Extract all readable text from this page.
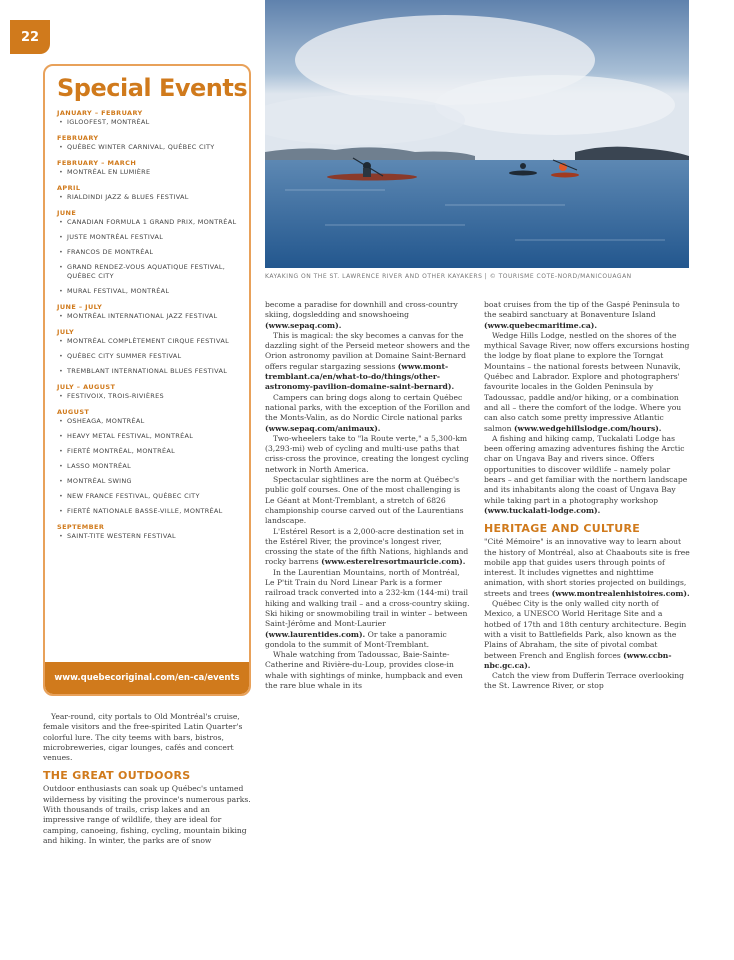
22
KAYAKING ON THE ST. LAWRENCE RIVER AND OTHER KAYAKERS | © TOURISME CÔTE-NORD/MANICOUAGAN
Special Events
JANUARY – FEBRUARY
• IGLOOFEST, MONTRÉAL
FEBRUARY
• QUÉBEC WINTER CARNIVAL, QUÉBEC CITY
FEBRUARY – MARCH
• MONTRÉAL EN LUMIÈRE
APRIL
• RIALDINDI JAZZ & BLUES FESTIVAL
JUNE
• CANADIAN FORMULA 1 GRAND PRIX, MONTRÉAL
• JUSTE MONTRÉAL FESTIVAL
• FRANCOS DE MONTRÉAL
• GRAND RENDEZ-VOUS AQUATIQUE FESTIVAL, QUÉBEC CITY
• MURAL FESTIVAL, MONTRÉAL
JUNE – JULY
• MONTRÉAL INTERNATIONAL JAZZ FESTIVAL
JULY
• MONTRÉAL COMPLÈTEMENT CIRQUE FESTIVAL
• QUÉBEC CITY SUMMER FESTIVAL
• TREMBLANT INTERNATIONAL BLUES FESTIVAL
JULY – AUGUST
• FESTIVOIX, TROIS-RIVIÈRES
AUGUST
• OSHEAGA, MONTRÉAL
• HEAVY METAL FESTIVAL, MONTRÉAL
• FIERTÉ MONTRÉAL, MONTRÉAL
• LASSO MONTRÉAL
• MONTRÉAL SWING
• NEW FRANCE FESTIVAL, QUÉBEC CITY
• FIERTÉ NATIONALE BASSE-VILLE, MONTRÉAL
SEPTEMBER
• SAINT-TITE WESTERN FESTIVAL
www.quebecoriginal.com/en-ca/events

Year-round, city portals to Old Montréal's cruise, female visitors and the free-spirited Latin Quarter's colorful lure. The city teems with bars, bistros, microbreweries, cigar lounges, cafés and concert venues.

THE GREAT OUTDOORS

Outdoor enthusiasts can soak up Québec's untamed wilderness by visiting the province's numerous parks. With thousands of trails, crisp lakes and an impressive range of wildlife, they are ideal for camping, canoeing, fishing, cycling, mountain biking and hiking. In winter, the parks are of snow

become a paradise for downhill and cross-country skiing, dogsledding and snowshoeing (www.sepaq.com).

This is magical: the sky becomes a canvas for the dazzling sight of the Perseid meteor showers and the Orion astronomy pavilion at Domaine Saint-Bernard offers regular stargazing sessions (www.mont-tremblant.ca/en/what-to-do/things/other-astronomy-pavilion-domaine-saint-bernard).

Campers can bring dogs along to certain Québec national parks, with the exception of the Forillon and the Monts-Valin, as do Nordic Circle national parks (www.sepaq.com/animaux).

Two-wheelers take to "la Route verte," a 5,300-km (3,293-mi) web of cycling and multi-use paths that criss-cross the province, creating the longest cycling network in North America.

Spectacular sightlines are the norm at Québec's public golf courses. One of the most challenging is Le Géant at Mont-Tremblant, a stretch of 6826 championship course carved out of the Laurentians landscape.

L'Estérel Resort is a 2,000-acre destination set in the Estérel River, the province's longest river, crossing the state of the fifth Nations, highlands and rocky barrens (www.esterelresortmauricie.com).

In the Laurentian Mountains, north of Montréal, Le P'tit Train du Nord Linear Park is a former railroad track converted into a 232-km (144-mi) trail hiking and walking trail – and a cross-country skiing. Ski hiking or snowmobiling trail in winter – between Saint-Jérôme and Mont-Laurier (www.laurentides.com). Or take a panoramic gondola to the summit of Mont-Tremblant.

Whale watching from Tadoussac, Baie-Sainte-Catherine and Rivière-du-Loup, provides close-in whale with sightings of minke, humpback and even the rare blue whale in its

boat cruises from the tip of the Gaspé Peninsula to the seabird sanctuary at Bonaventure Island (www.quebecmaritime.ca).

Wedge Hills Lodge, nestled on the shores of the mythical Savage River, now offers excursions hosting the lodge by float plane to explore the Torngat Mountains – the national forests between Nunavik, Québec and Labrador. Explore and photographers' favourite locales in the Golden Peninsula by Tadoussac, paddle and/or hiking, or a combination and all – there the comfort of the lodge. Where you can also catch some pretty impressive Atlantic salmon (www.wedgehillslodge.com/hours).

A fishing and hiking camp, Tuckalati Lodge has been offering amazing adventures fishing the Arctic char on Ungava Bay and rivers since. Offers opportunities to discover wildlife – namely polar bears – and get familiar with the northern landscape and its inhabitants along the coast of Ungava Bay while taking part in a photography workshop (www.tuckalati-lodge.com).

HERITAGE AND CULTURE

"Cité Mémoire" is an innovative way to learn about the history of Montréal, also at Chaabouts site is free mobile app that guides users through points of interest. It includes vignettes and nighttime animation, with short stories projected on buildings, streets and trees (www.montrealenhistoires.com).

Québec City is the only walled city north of Mexico, a UNESCO World Heritage Site and a hotbed of 17th and 18th century architecture. Begin with a visit to Battlefields Park, also known as the Plains of Abraham, the site of pivotal combat between French and English forces (www.ccbn-nbc.gc.ca).

Catch the view from Dufferin Terrace overlooking the St. Lawrence River, or stop
